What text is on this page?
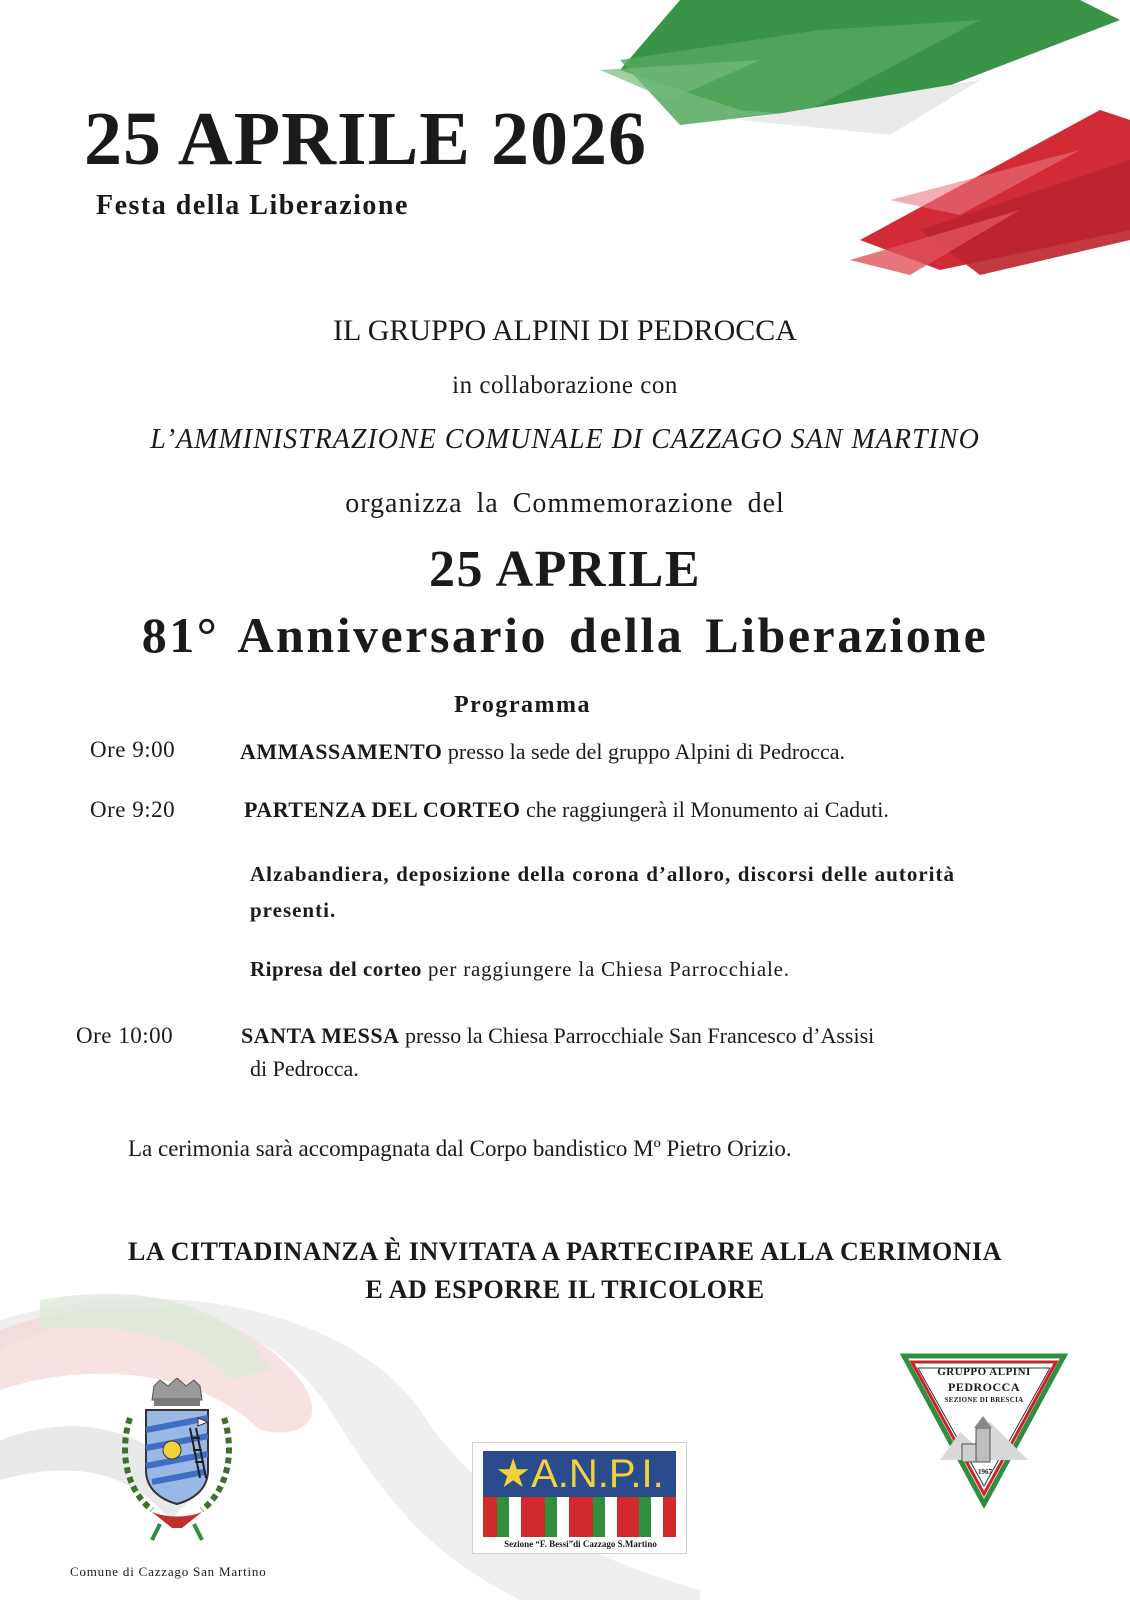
25 APRILE 2026
Festa della Liberazione
IL GRUPPO ALPINI DI PEDROCCA
in collaborazione con
L’AMMINISTRAZIONE COMUNALE DI CAZZAGO SAN MARTINO
organizza la Commemorazione del
25 APRILE
81° Anniversario della Liberazione
Programma
Ore 9:00	AMMASSAMENTO presso la sede del gruppo Alpini di Pedrocca.
Ore 9:20	PARTENZA DEL CORTEO che raggiungerà il Monumento ai Caduti.
Alzabandiera, deposizione della corona d’alloro, discorsi delle autorità presenti.
Ripresa del corteo per raggiungere la Chiesa Parrocchiale.
Ore 10:00	SANTA MESSA presso la Chiesa Parrocchiale San Francesco d’Assisi
di Pedrocca.
La cerimonia sarà accompagnata dal Corpo bandistico Mº Pietro Orizio.
LA CITTADINANZA È INVITATA A PARTECIPARE ALLA CERIMONIA
E AD ESPORRE IL TRICOLORE
Comune di Cazzago San Martino
★A.N.P.I.
Sezione “F. Bessi”di Cazzago S.Martino
GRUPPO ALPINI
PEDROCCA
SEZIONE DI BRESCIA
1967
